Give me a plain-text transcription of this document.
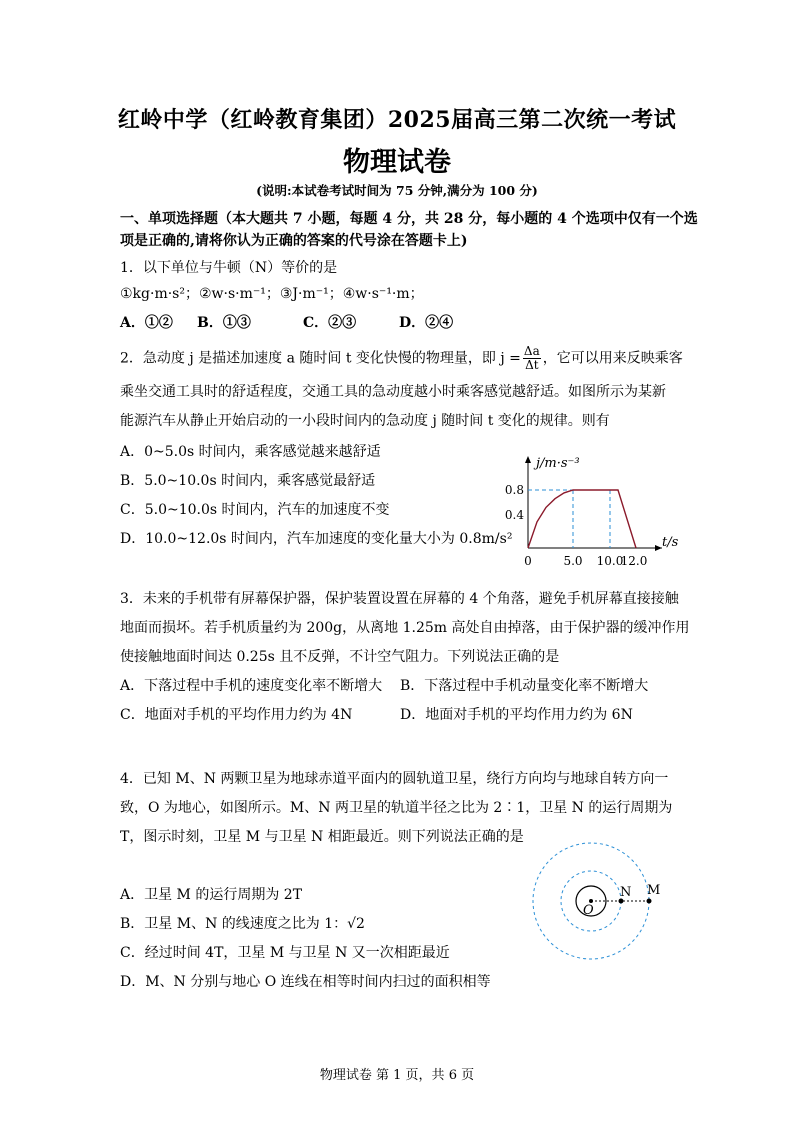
红岭中学（红岭教育集团）2025届高三第二次统一考试
物理试卷
(说明:本试卷考试时间为 75 分钟,满分为 100 分)
一、单项选择题（本大题共 7 小题，每题 4 分，共 28 分，每小题的 4 个选项中仅有一个选
项是正确的,请将你认为正确的答案的代号涂在答题卡上)
1．以下单位与牛顿（N）等价的是
①kg·m·s²；②w·s·m⁻¹；③J·m⁻¹；④w·s⁻¹·m；
A．①② B．①③	C．②③	D．②④
2．急动度 j 是描述加速度 a 随时间 t 变化快慢的物理量，即 $j = \frac{\Delta a}{\Delta t}$ ，它可以用来反映乘客
乘坐交通工具时的舒适程度，交通工具的急动度越小时乘客感觉越舒适。如图所示为某新
能源汽车从静止开始启动的一小段时间内的急动度 j 随时间 t 变化的规律。则有
A．0~5.0s 时间内，乘客感觉越来越舒适
B．5.0~10.0s 时间内，乘客感觉最舒适
C．5.0~10.0s 时间内，汽车的加速度不变
D．10.0~12.0s 时间内，汽车加速度的变化量大小为 0.8m/s²
j/m·s⁻³
t/s
0.8
0.4
0	5.0 10.0
12.0
3．未来的手机带有屏幕保护器，保护装置设置在屏幕的 4 个角落，避免手机屏幕直接接触
地面而损坏。若手机质量约为 200g，从离地 1.25m 高处自由掉落，由于保护器的缓冲作用
使接触地面时间达 0.25s 且不反弹，不计空气阻力。下列说法正确的是
A．下落过程中手机的速度变化率不断增大 B．下落过程中手机动量变化率不断增大
C．地面对手机的平均作用力约为 4N	D．地面对手机的平均作用力约为 6N
4．已知 M、N 两颗卫星为地球赤道平面内的圆轨道卫星，绕行方向均与地球自转方向一
致，O 为地心，如图所示。M、N 两卫星的轨道半径之比为 2∶1，卫星 N 的运行周期为
T，图示时刻，卫星 M 与卫星 N 相距最近。则下列说法正确的是
A．卫星 M 的运行周期为 2T
B．卫星 M、N 的线速度之比为 1：√2
C．经过时间 4T，卫星 M 与卫星 N 又一次相距最近
D．M、N 分别与地心 O 连线在相等时间内扫过的面积相等
O
N M
物理试卷 第 1 页，共 6 页
